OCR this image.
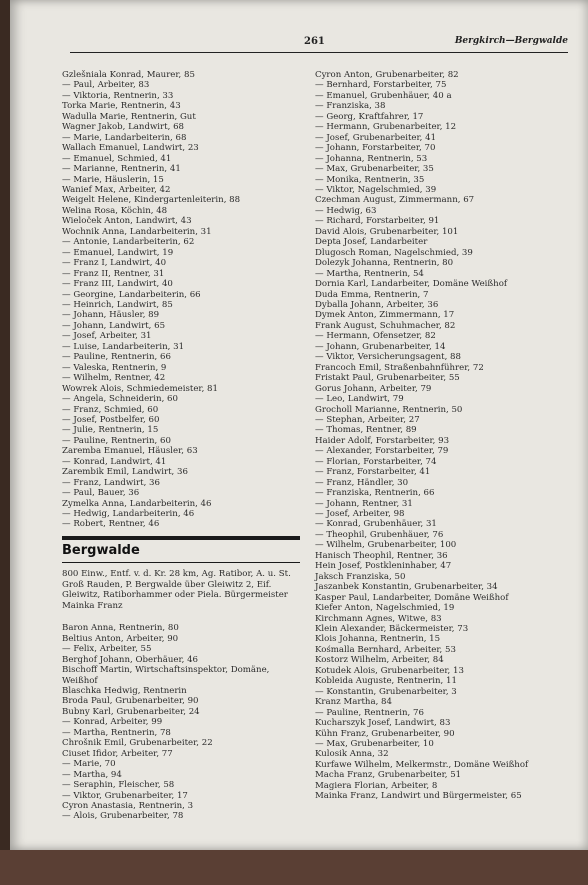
261	Bergkirch—Bergwalde
Gzlešniala Konrad, Maurer, 85
— Paul, Arbeiter, 83
— Viktoria, Rentnerin, 33
Torka Marie, Rentnerin, 43
Wadulla Marie, Rentnerin, Gut
Wagner Jakob, Landwirt, 68
— Marie, Landarbeiterin, 68
Wallach Emanuel, Landwirt, 23
— Emanuel, Schmied, 41
— Marianne, Rentnerin, 41
— Marie, Häuslerin, 15
Wanief Max, Arbeiter, 42
Weigelt Helene, Kindergartenleiterin, 88
Welina Rosa, Köchin, 48
Wieloček Anton, Landwirt, 43
Wochnik Anna, Landarbeiterin, 31
— Antonie, Landarbeiterin, 62
— Emanuel, Landwirt, 19
— Franz I, Landwirt, 40
— Franz II, Rentner, 31
— Franz III, Landwirt, 40
— Georgine, Landarbeiterin, 66
— Heinrich, Landwirt, 85
— Johann, Häusler, 89
— Johann, Landwirt, 65
— Josef, Arbeiter, 31
— Luise, Landarbeiterin, 31
— Pauline, Rentnerin, 66
— Valeska, Rentnerin, 9
— Wilhelm, Rentner, 42
Wowrek Alois, Schmiedemeister, 81
— Angela, Schneiderin, 60
— Franz, Schmied, 60
— Josef, Postbelfer, 60
— Julie, Rentnerin, 15
— Pauline, Rentnerin, 60
Zaremba Emanuel, Häusler, 63
— Konrad, Landwirt, 41
Zarembik Emil, Landwirt, 36
— Franz, Landwirt, 36
— Paul, Bauer, 36
Zymelka Anna, Landarbeiterin, 46
— Hedwig, Landarbeiterin, 46
— Robert, Rentner, 46
Bergwalde
800 Einw., Entf. v. d. Kr. 28 km, Ag. Ratibor, A. u. St. Groß Rauden, P. Bergwalde über Gleiwitz 2, Eif. Gleiwitz, Ratiborhammer oder Piela. Bürgermeister Mainka Franz
Baron Anna, Rentnerin, 80
Beltius Anton, Arbeiter, 90
— Felix, Arbeiter, 55
Berghof Johann, Oberhäuer, 46
Bischoff Martin, Wirtschaftsinspektor, Domäne,
Weißhof
Blaschka Hedwig, Rentnerin
Broda Paul, Grubenarbeiter, 90
Bubny Karl, Grubenarbeiter, 24
— Konrad, Arbeiter, 99
— Martha, Rentnerin, 78
Chrošnik Emil, Grubenarbeiter, 22
Ciuset Ifidor, Arbeiter, 77
— Marie, 70
— Martha, 94
— Seraphin, Fleischer, 58
— Viktor, Grubenarbeiter, 17
Cyron Anastasia, Rentnerin, 3
— Alois, Grubenarbeiter, 78
Cyron Anton, Grubenarbeiter, 82
— Bernhard, Forstarbeiter, 75
— Emanuel, Grubenhäuer, 40 a
— Franziska, 38
— Georg, Kraftfahrer, 17
— Hermann, Grubenarbeiter, 12
— Josef, Grubenarbeiter, 41
— Johann, Forstarbeiter, 70
— Johanna, Rentnerin, 53
— Max, Grubenarbeiter, 35
— Monika, Rentnerin, 35
— Viktor, Nagelschmied, 39
Czechman August, Zimmermann, 67
— Hedwig, 63
— Richard, Forstarbeiter, 91
David Alois, Grubenarbeiter, 101
Depta Josef, Landarbeiter
Dlugosch Roman, Nagelschmied, 39
Dolezyk Johanna, Rentnerin, 80
— Martha, Rentnerin, 54
Dornia Karl, Landarbeiter, Domäne Weißhof
Duda Emma, Rentnerin, 7
Dyballa Johann, Arbeiter, 36
Dymek Anton, Zimmermann, 17
Frank August, Schuhmacher, 82
— Hermann, Ofensetzer, 82
— Johann, Grubenarbeiter, 14
— Viktor, Versicherungsagent, 88
Francoch Emil, Straßenbahnführer, 72
Fristakt Paul, Grubenarbeiter, 55
Gorus Johann, Arbeiter, 79
— Leo, Landwirt, 79
Grocholl Marianne, Rentnerin, 50
— Stephan, Arbeiter, 27
— Thomas, Rentner, 89
Haider Adolf, Forstarbeiter, 93
— Alexander, Forstarbeiter, 79
— Florian, Forstarbeiter, 74
— Franz, Forstarbeiter, 41
— Franz, Händler, 30
— Franziska, Rentnerin, 66
— Johann, Rentner, 31
— Josef, Arbeiter, 98
— Konrad, Grubenhäuer, 31
— Theophil, Grubenhäuer, 76
— Wilhelm, Grubenarbeiter, 100
Hanisch Theophil, Rentner, 36
Hein Josef, Postkleninhaber, 47
Jaksch Franziska, 50
Jaszanbek Konstantin, Grubenarbeiter, 34
Kasper Paul, Landarbeiter, Domäne Weißhof
Kiefer Anton, Nagelschmied, 19
Kirchmann Agnes, Witwe, 83
Klein Alexander, Bäckermeister, 73
Klois Johanna, Rentnerin, 15
Kośmalla Bernhard, Arbeiter, 53
Kostorz Wilhelm, Arbeiter, 84
Kotudek Alois, Grubenarbeiter, 13
Kobleida Auguste, Rentnerin, 11
— Konstantin, Grubenarbeiter, 3
Kranz Martha, 84
— Pauline, Rentnerin, 76
Kucharszyk Josef, Landwirt, 83
Kühn Franz, Grubenarbeiter, 90
— Max, Grubenarbeiter, 10
Kulosik Anna, 32
Kurfawe Wilhelm, Melkermstr., Domäne Weißhof
Macha Franz, Grubenarbeiter, 51
Magiera Florian, Arbeiter, 8
Mainka Franz, Landwirt und Bürgermeister, 65
